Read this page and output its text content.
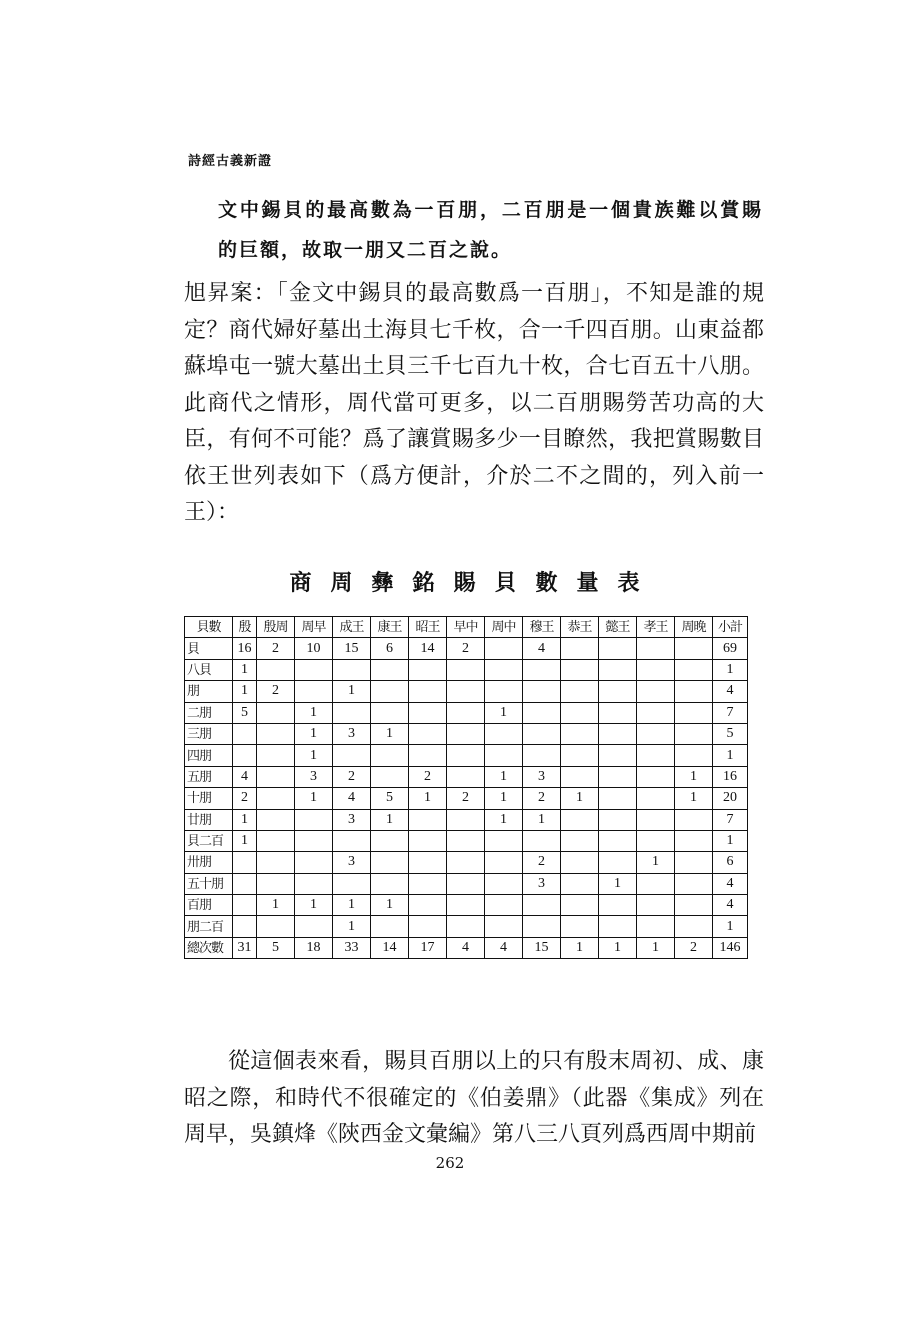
詩經古義新證
文中錫貝的最高數為一百朋，二百朋是一個貴族難以賞賜的巨額，故取一朋又二百之說。
旭昇案：「金文中錫貝的最高數爲一百朋」，不知是誰的規定？商代婦好墓出土海貝七千枚，合一千四百朋。山東益都蘇埠屯一號大墓出土貝三千七百九十枚，合七百五十八朋。此商代之情形，周代當可更多，以二百朋賜勞苦功高的大臣，有何不可能？爲了讓賞賜多少一目瞭然，我把賞賜數目依王世列表如下（爲方便計，介於二不之間的，列入前一王）：
商周彝銘賜貝數量表
貝數	殷	殷周	周早	成王	康王	昭王	早中	周中	穆王	恭王	懿王	孝王	周晚	小計
貝	16	2	10	15	6	14	2		4					69
八貝	1													1
朋	1	2		1										4
二朋	5		1					1						7
三朋			1	3	1									5
四朋			1											1
五朋	4		3	2		2		1	3				1	16
十朋	2		1	4	5	1	2	1	2	1			1	20
廿朋	1			3	1			1	1					7
貝二百	1													1
卅朋				3					2			1		6
五十朋									3		1			4
百朋		1	1	1	1									4
朋二百				1										1
總次數	31	5	18	33	14	17	4	4	15	1	1	1	2	146
從這個表來看，賜貝百朋以上的只有殷末周初、成、康昭之際，和時代不很確定的《伯姜鼎》（此器《集成》列在周早，吳鎮烽《陝西金文彙編》第八三八頁列爲西周中期前
262
